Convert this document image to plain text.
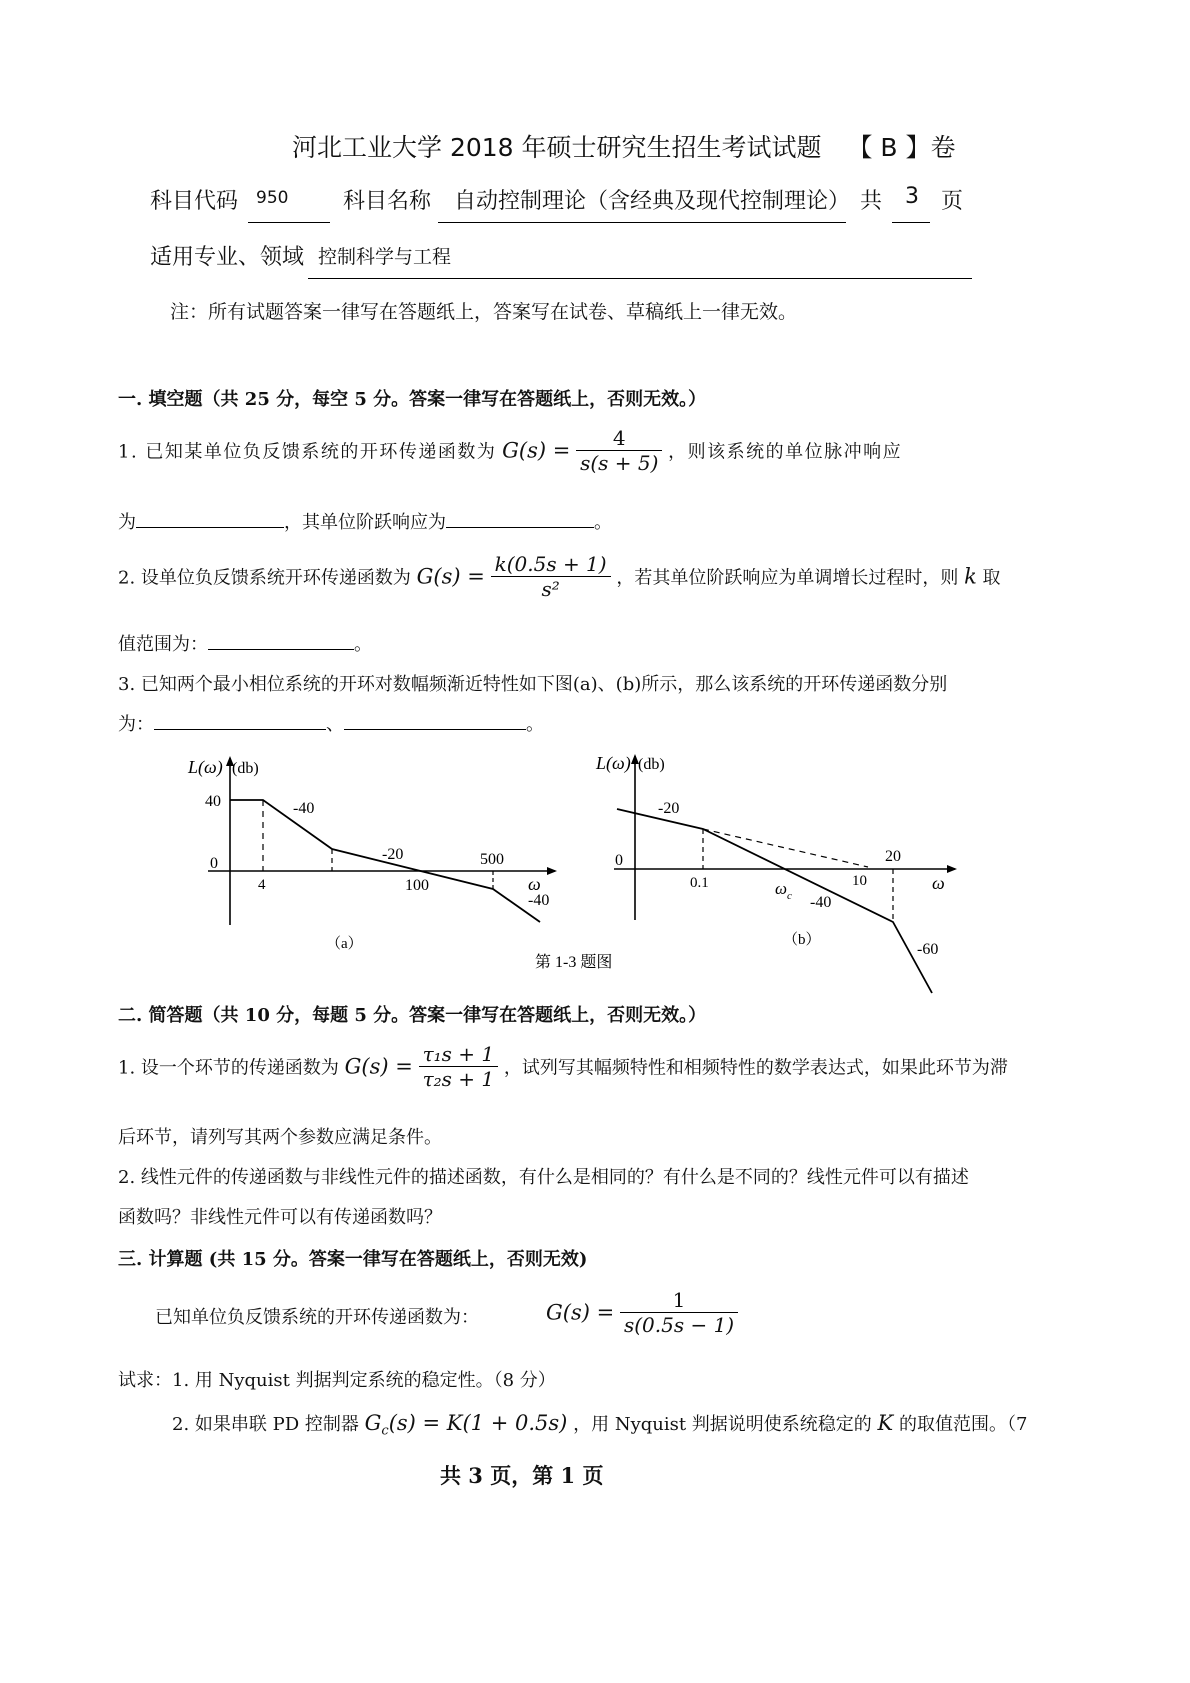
河北工业大学 2018 年硕士研究生招生考试试题 【 B 】卷
科目代码 950 科目名称 自动控制理论（含经典及现代控制理论） 共 3 页
适用专业、领域 控制科学与工程
注：所有试题答案一律写在答题纸上，答案写在试卷、草稿纸上一律无效。
一. 填空题（共 25 分，每空 5 分。答案一律写在答题纸上，否则无效。）
1. 已知某单位负反馈系统的开环传递函数为 $G(s) = \frac{4}{s(s + 5)}$ ，则该系统的单位脉冲响应
为	，其单位阶跃响应为	。
2. 设单位负反馈系统开环传递函数为 $G(s) = \frac{k(0.5s + 1)}{\text{s²}}$ ，若其单位阶跃响应为单调增长过程时，则 k 取
值范围为：	。
3. 已知两个最小相位系统的开环对数幅频渐近特性如下图(a)、(b)所示，那么该系统的开环传递函数分别
为：	、	。
L(ω) (db)
40
0
4	100
500
-40
-20
-40
ω
（a）
L(ω) (db)
0
0.1	10
20
-20
-40
-60
ω c
ω
（b）
第 1-3 题图
二. 简答题（共 10 分，每题 5 分。答案一律写在答题纸上，否则无效。）
1. 设一个环节的传递函数为 $G(s) = \frac{\text{τ₁s + 1}}{\text{τ₂s + 1}}$ ，试列写其幅频特性和相频特性的数学表达式，如果此环节为滞
后环节，请列写其两个参数应满足条件。
2. 线性元件的传递函数与非线性元件的描述函数，有什么是相同的？有什么是不同的？线性元件可以有描述
函数吗？非线性元件可以有传递函数吗？
三. 计算题 (共 15 分。答案一律写在答题纸上，否则无效)
已知单位负反馈系统的开环传递函数为：	$G(s) = \frac{1}{s(0.5s - 1)}$
试求：1. 用 Nyquist 判据判定系统的稳定性。（8 分）
2. 如果串联 PD 控制器 $G_c(s) = K(1 + 0.5s)$ ，用 Nyquist 判据说明使系统稳定的 K 的取值范围。（7
共 3 页，第 1 页
